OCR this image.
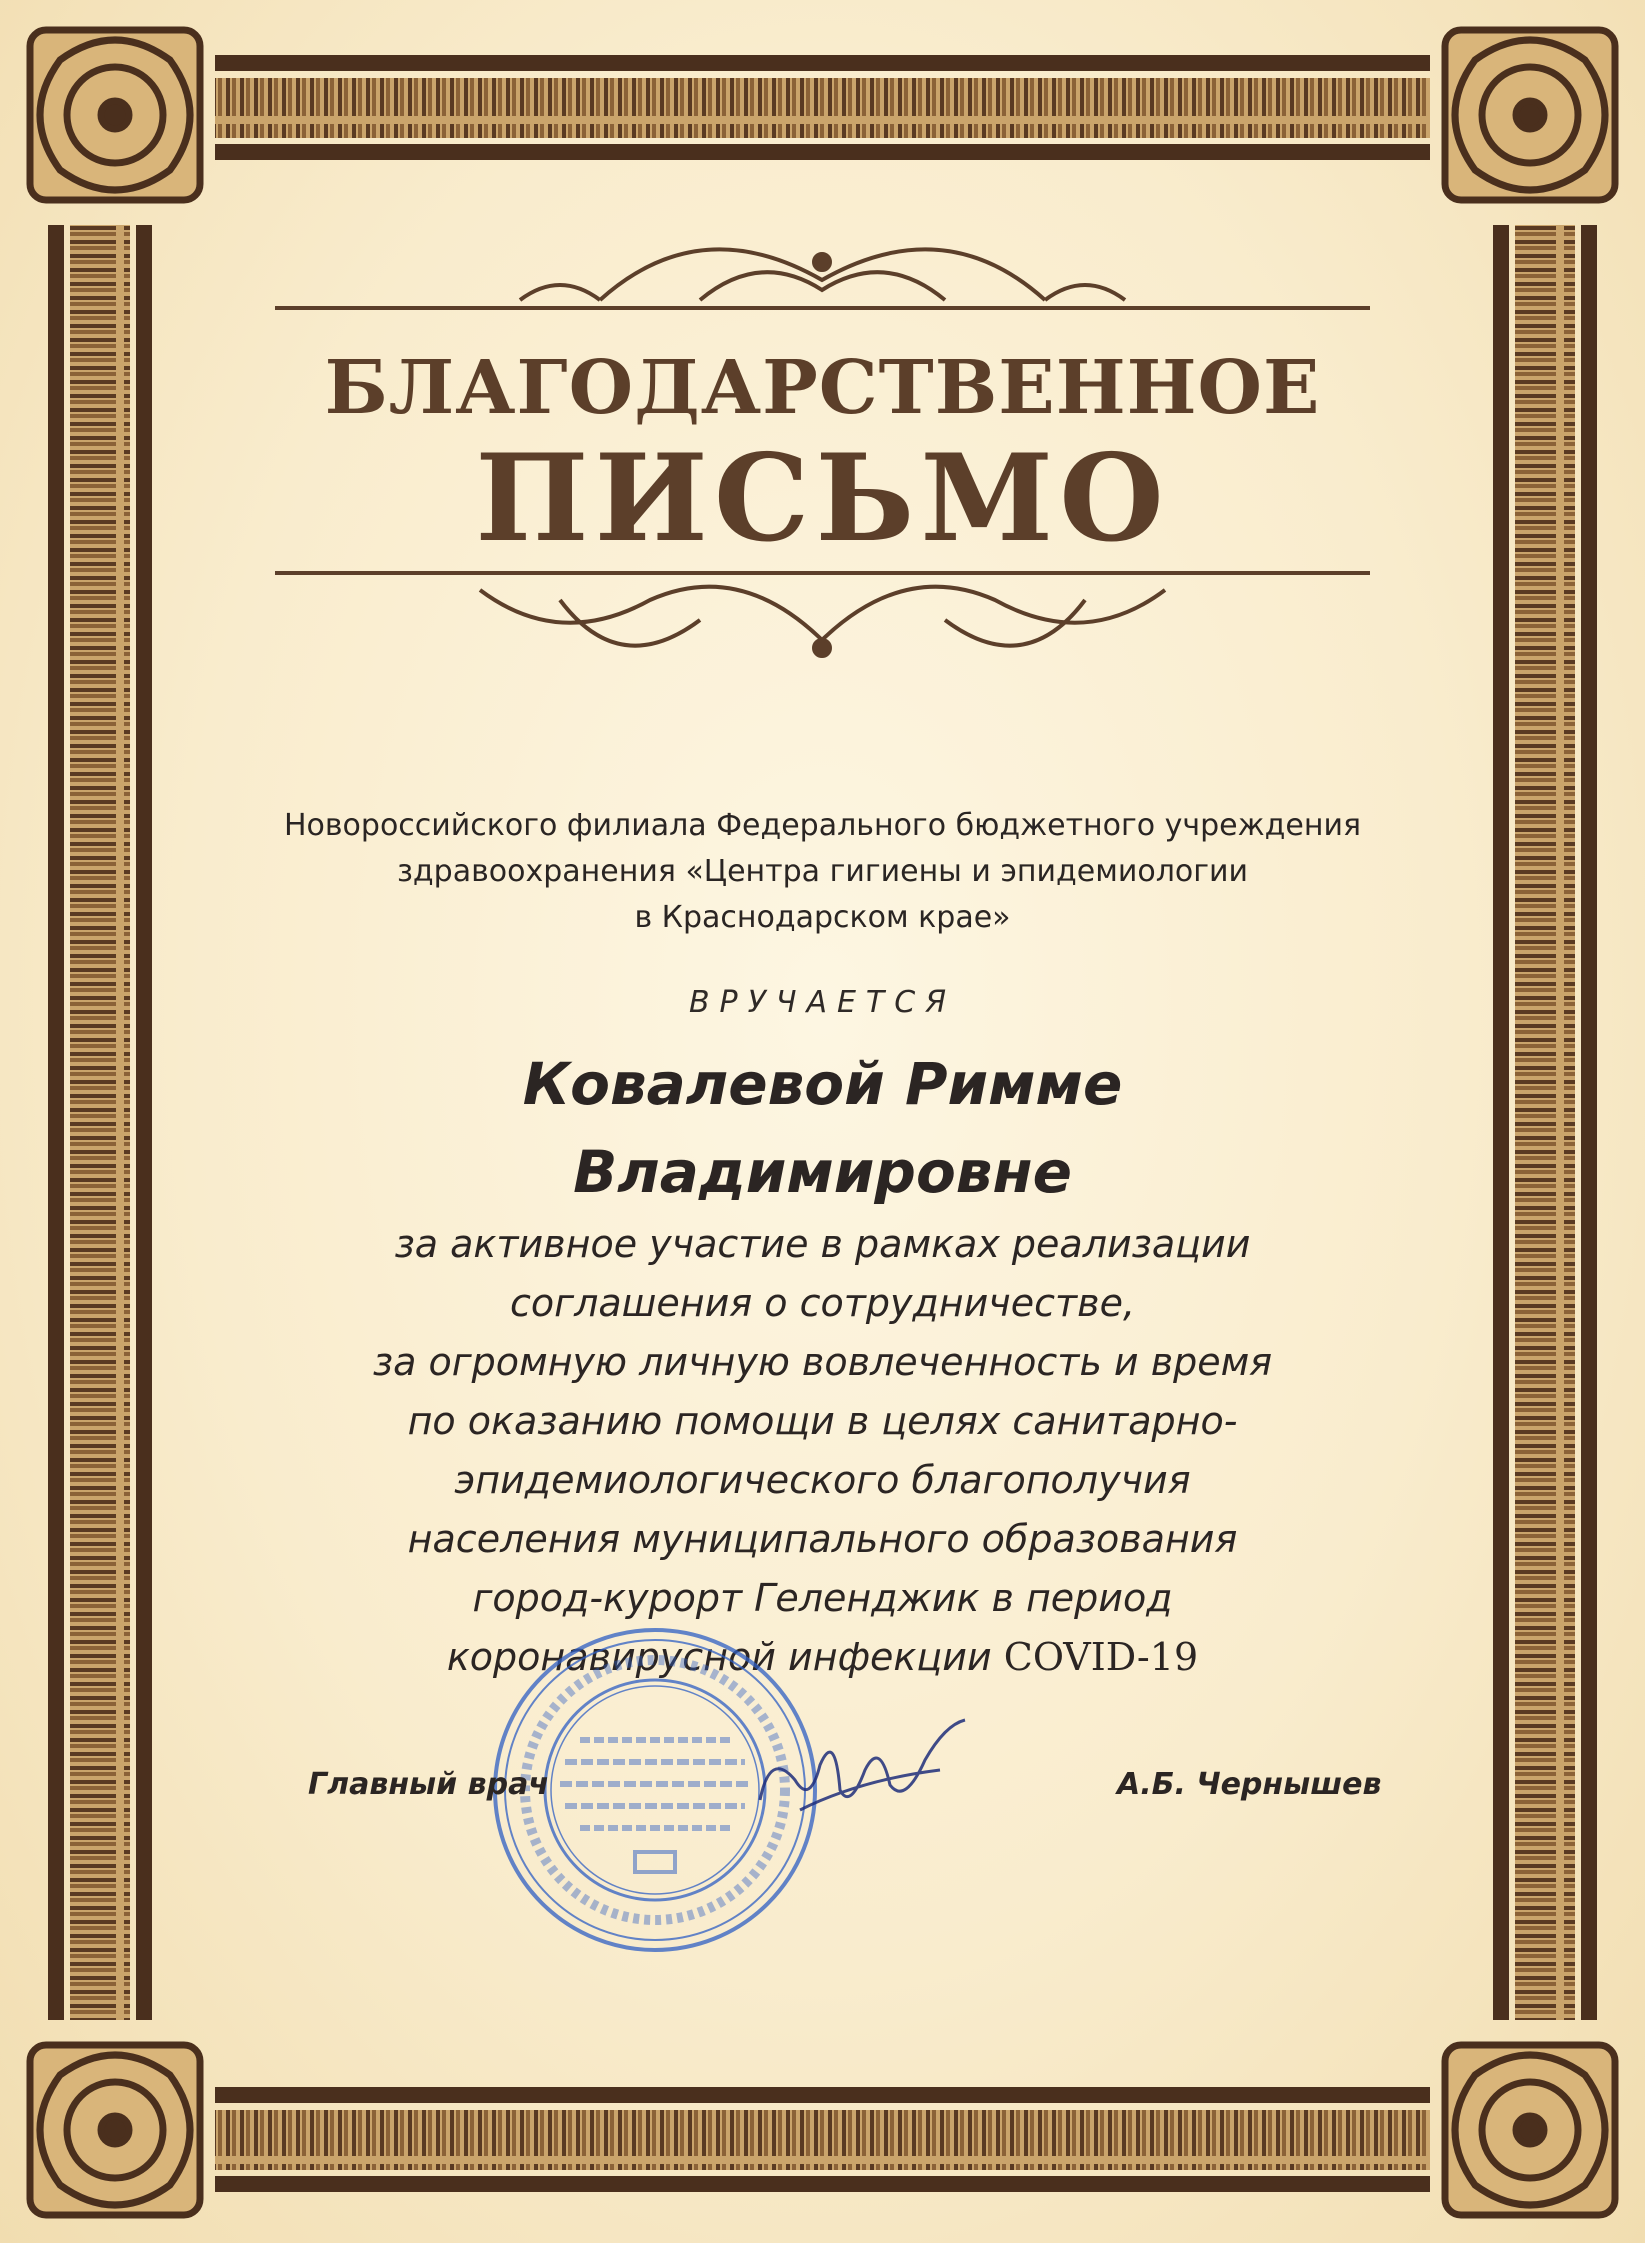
БЛАГОДАРСТВЕННОЕ
ПИСЬМО
Новороссийского филиала Федерального бюджетного учреждения
здравоохранения «Центра гигиены и эпидемиологии
в Краснодарском крае»
ВРУЧАЕТСЯ
Ковалевой Римме
Владимировне
за активное участие в рамках реализации
соглашения о сотрудничестве,
за огромную личную вовлеченность и время
по оказанию помощи в целях санитарно-
эпидемиологического благополучия
населения муниципального образования
город-курорт Геленджик в период
коронавирусной инфекции COVID-19
Главный врач	А.Б. Чернышев
